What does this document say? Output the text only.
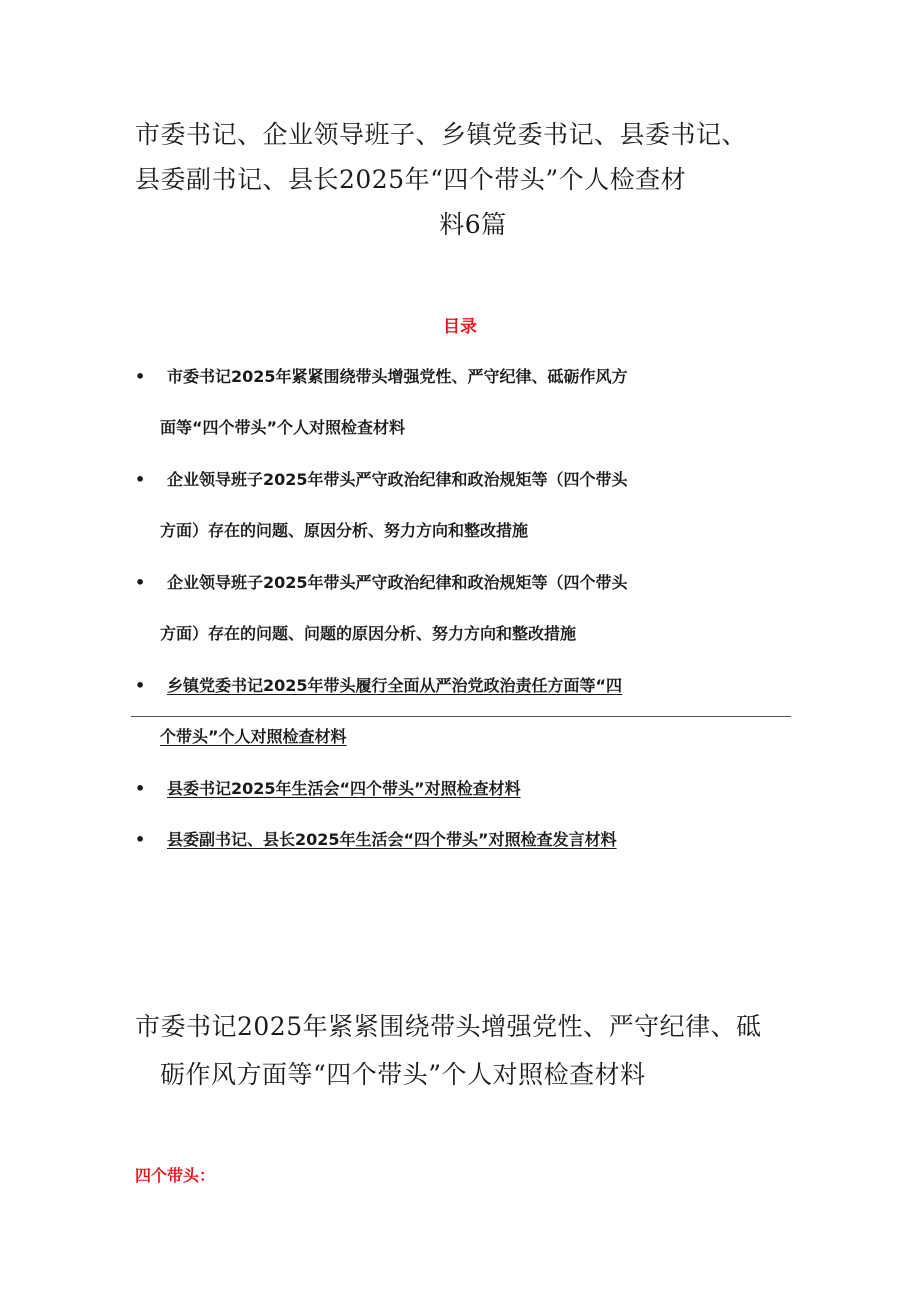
市委书记、企业领导班子、乡镇党委书记、县委书记、
县委副书记、县长2025年“四个带头”个人检查材
料6篇
目录
•	市委书记2025年紧紧围绕带头增强党性、严守纪律、砥砺作风方
面等“四个带头”个人对照检查材料
•	企业领导班子2025年带头严守政治纪律和政治规矩等（四个带头
方面）存在的问题、原因分析、努力方向和整改措施
•	企业领导班子2025年带头严守政治纪律和政治规矩等（四个带头
方面）存在的问题、问题的原因分析、努力方向和整改措施
•	乡镇党委书记2025年带头履行全面从严治党政治责任方面等“四
个带头”个人对照检查材料
•	县委书记2025年生活会“四个带头”对照检查材料
•	县委副书记、县长2025年生活会“四个带头”对照检查发言材料
市委书记2025年紧紧围绕带头增强党性、严守纪律、砥
砺作风方面等“四个带头”个人对照检查材料
四个带头：
